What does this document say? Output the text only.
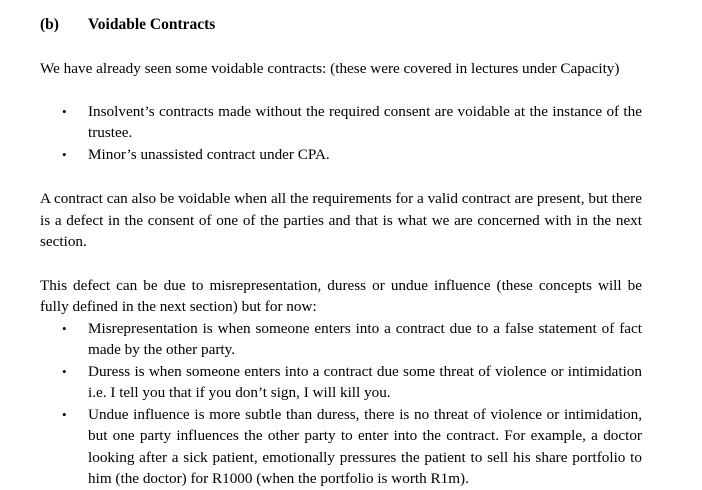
(b) Voidable Contracts

We have already seen some voidable contracts: (these were covered in lectures under Capacity)

• Insolvent’s contracts made without the required consent are voidable at the instance of the trustee.
• Minor’s unassisted contract under CPA.

A contract can also be voidable when all the requirements for a valid contract are present, but there is a defect in the consent of one of the parties and that is what we are concerned with in the next section.

This defect can be due to misrepresentation, duress or undue influence (these concepts will be fully defined in the next section) but for now:

• Misrepresentation is when someone enters into a contract due to a false statement of fact made by the other party.
• Duress is when someone enters into a contract due some threat of violence or intimidation i.e. I tell you that if you don’t sign, I will kill you.
• Undue influence is more subtle than duress, there is no threat of violence or intimidation, but one party influences the other party to enter into the contract. For example, a doctor looking after a sick patient, emotionally pressures the patient to sell his share portfolio to him (the doctor) for R1000 (when the portfolio is worth R1m).
